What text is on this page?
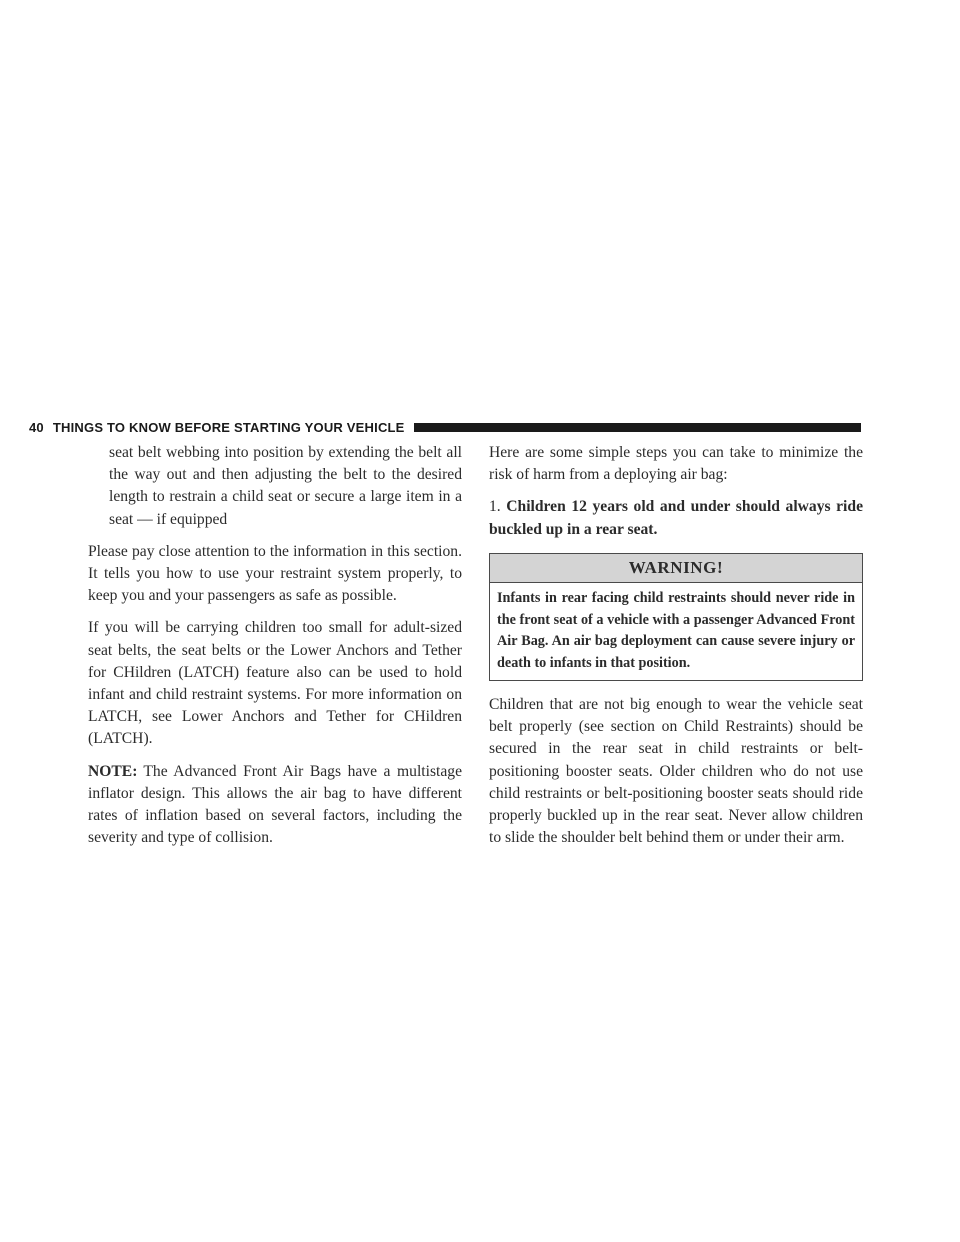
40 THINGS TO KNOW BEFORE STARTING YOUR VEHICLE

seat belt webbing into position by extending the belt all the way out and then adjusting the belt to the desired length to restrain a child seat or secure a large item in a seat — if equipped

Please pay close attention to the information in this section. It tells you how to use your restraint system properly, to keep you and your passengers as safe as possible.

If you will be carrying children too small for adult-sized seat belts, the seat belts or the Lower Anchors and Tether for CHildren (LATCH) feature also can be used to hold infant and child restraint systems. For more information on LATCH, see Lower Anchors and Tether for CHildren (LATCH).

NOTE: The Advanced Front Air Bags have a multistage inflator design. This allows the air bag to have different rates of inflation based on several factors, including the severity and type of collision.

Here are some simple steps you can take to minimize the risk of harm from a deploying air bag:

1. Children 12 years old and under should always ride buckled up in a rear seat.

WARNING!
Infants in rear facing child restraints should never ride in the front seat of a vehicle with a passenger Advanced Front Air Bag. An air bag deployment can cause severe injury or death to infants in that position.

Children that are not big enough to wear the vehicle seat belt properly (see section on Child Restraints) should be secured in the rear seat in child restraints or belt-positioning booster seats. Older children who do not use child restraints or belt-positioning booster seats should ride properly buckled up in the rear seat. Never allow children to slide the shoulder belt behind them or under their arm.
